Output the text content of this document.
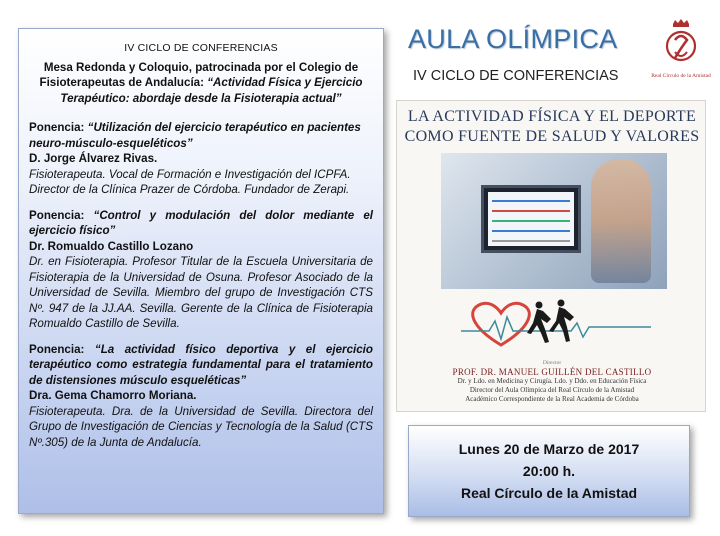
IV CICLO DE CONFERENCIAS
Mesa Redonda y Coloquio, patrocinada por el Colegio de Fisioterapeutas de Andalucía: “Actividad Física y Ejercicio Terapéutico: abordaje desde la Fisioterapia actual”
Ponencia: “Utilización del ejercicio terapéutico en pacientes neuro-músculo-esqueléticos”
D. Jorge Álvarez Rivas.
Fisioterapeuta. Vocal de Formación e Investigación del ICPFA. Director de la Clínica Prazer de Córdoba. Fundador de Zerapi.
Ponencia: “Control y modulación del dolor mediante el ejercicio físico”
Dr. Romualdo Castillo Lozano
Dr. en Fisioterapia. Profesor Titular de la Escuela Universitaria de Fisioterapia de la Universidad de Osuna. Profesor Asociado de la Universidad de Sevilla. Miembro del grupo de Investigación CTS Nº. 947 de la JJ.AA. Sevilla. Gerente de la Clínica de Fisioterapia Romualdo Castillo de Sevilla.
Ponencia: “La actividad físico deportiva y el ejercicio terapéutico como estrategia fundamental para el tratamiento de distensiones músculo esqueléticas”
Dra. Gema Chamorro Moriana.
Fisioterapeuta. Dra. de la Universidad de Sevilla. Directora del Grupo de Investigación de Ciencias y Tecnología de la Salud (CTS Nº.305) de la Junta de Andalucía.
AULA OLÍMPICA
IV CICLO DE CONFERENCIAS	Real Círculo de la Amistad
LA ACTIVIDAD FÍSICA Y EL DEPORTE
COMO FUENTE DE SALUD Y VALORES
Director
PROF. DR. MANUEL GUILLÉN DEL CASTILLO
Dr. y Ldo. en Medicina y Cirugía. Ldo. y Ddo. en Educación Física
Director del Aula Olímpica del Real Círculo de la Amistad
Académico Correspondiente de la Real Academia de Córdoba
Lunes 20 de Marzo de 2017
20:00 h.
Real Círculo de la Amistad
